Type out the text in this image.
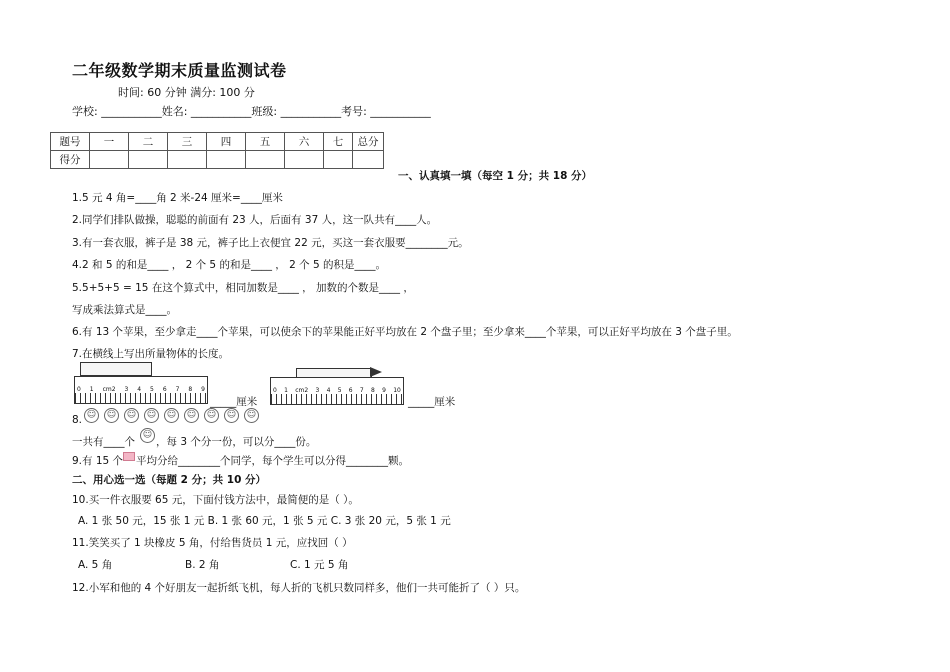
二年级数学期末质量监测试卷
时间: 60 分钟 满分: 100 分
学校: ___________姓名: ___________班级: ___________考号: ___________
题号	一	二	三	四	五	六	七	总分
得分								
一、认真填一填（每空 1 分；共 18 分）
1.5 元 4 角=____角 2 米-24 厘米=____厘米
2.同学们排队做操，聪聪的前面有 23 人，后面有 37 人，这一队共有____人。
3.有一套衣服，裤子是 38 元，裤子比上衣便宜 22 元，买这一套衣服要________元。
4.2 和 5 的和是____ ， 2 个 5 的和是____ ， 2 个 5 的积是____。
5.5+5+5 = 15 在这个算式中，相同加数是____ ， 加数的个数是____ ，
写成乘法算式是____。
6.有 13 个苹果，至少拿走____个苹果，可以使余下的苹果能正好平均放在 2 个盘子里；至少拿来____个苹果，可以正好平均放在 3 个盘子里。
7.在横线上写出所量物体的长度。
0 1 cm2 3 4 5 6 7 8 9
_____厘米
0 1 cm2 3 4 5 6 7 8 9 10
_____厘米
8. ☺	☺	☺	☺	☺	☺	☺	☺	☺
一共有____个
☺
，每 3 个分一份，可以分____份。
9.有 15 个 平均分给________个同学，每个学生可以分得________颗。
二、用心选一选（每题 2 分；共 10 分）
10.买一件衣服要 65 元，下面付钱方法中，最简便的是（ ）。
A. 1 张 50 元，15 张 1 元 B. 1 张 60 元，1 张 5 元 C. 3 张 20 元，5 张 1 元
11.笑笑买了 1 块橡皮 5 角，付给售货员 1 元，应找回（ ）
A. 5 角	B. 2 角	C. 1 元 5 角
12.小军和他的 4 个好朋友一起折纸飞机，每人折的飞机只数同样多，他们一共可能折了（ ）只。
